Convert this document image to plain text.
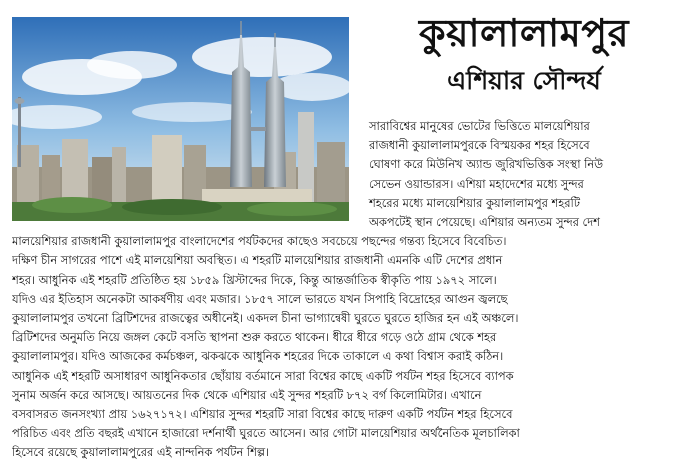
কুয়ালালামপুর
এশিয়ার সৌন্দর্য
সারাবিশ্বের মানুষের ভোটের ভিত্তিতে মালয়েশিয়ার
রাজধানী কুয়ালালামপুরকে বিস্ময়কর শহর হিসেবে
ঘোষণা করে মিউনিখ অ্যান্ড জুরিখভিত্তিক সংস্থা নিউ
সেভেন ওয়ান্ডারস। এশিয়া মহাদেশের মধ্যে সুন্দর
শহরের মধ্যে মালয়েশিয়ার কুয়ালালামপুর শহরটি
অকপটেই স্থান পেয়েছে। এশিয়ার অন্যতম সুন্দর দেশ
মালয়েশিয়ার রাজধানী কুয়ালালামপুর বাংলাদেশের পর্যটকদের কাছেও সবচেয়ে পছন্দের গন্তব্য হিসেবে বিবেচিত।
দক্ষিণ চীন সাগরের পাশে এই মালয়েশিয়া অবস্থিত। এ শহরটি মালয়েশিয়ার রাজধানী এমনকি এটি দেশের প্রধান
শহর। আধুনিক এই শহরটি প্রতিষ্ঠিত হয় ১৮৫৯ খ্রিস্টাব্দের দিকে, কিন্তু আন্তর্জাতিক স্বীকৃতি পায় ১৯৭২ সালে।
যদিও এর ইতিহাস অনেকটা আকর্ষণীয় এবং মজার। ১৮৫৭ সালে ভারতে যখন সিপাহি বিদ্রোহের আগুন জ্বলছে
কুয়ালালামপুর তখনো ব্রিটিশদের রাজত্বের অধীনেই। একদল চীনা ভাগ্যান্বেষী ঘুরতে ঘুরতে হাজির হন এই অঞ্চলে।
ব্রিটিশদের অনুমতি নিয়ে জঙ্গল কেটে বসতি স্থাপনা শুরু করতে থাকেন। ধীরে ধীরে গড়ে ওঠে গ্রাম থেকে শহর
কুয়ালালামপুর। যদিও আজকের কর্মচঞ্চল, ঝকঝকে আধুনিক শহরের দিকে তাকালে এ কথা বিশ্বাস করাই কঠিন।
আধুনিক এই শহরটি অসাধারণ আধুনিকতার ছোঁয়ায় বর্তমানে সারা বিশ্বের কাছে একটি পর্যটন শহর হিসেবে ব্যাপক
সুনাম অর্জন করে আসছে। আয়তনের দিক থেকে এশিয়ার এই সুন্দর শহরটি ৮৭২ বর্গ কিলোমিটার। এখানে
বসবাসরত জনসংখ্যা প্রায় ১৬২৭১৭২। এশিয়ার সুন্দর শহরটি সারা বিশ্বের কাছে দারুণ একটি পর্যটন শহর হিসেবে
পরিচিত এবং প্রতি বছরই এখানে হাজারো দর্শনার্থী ঘুরতে আসেন। আর গোটা মালয়েশিয়ার অর্থনৈতিক মূলচালিকা
হিসেবে রয়েছে কুয়ালালামপুরের এই নান্দনিক পর্যটন শিল্প।
